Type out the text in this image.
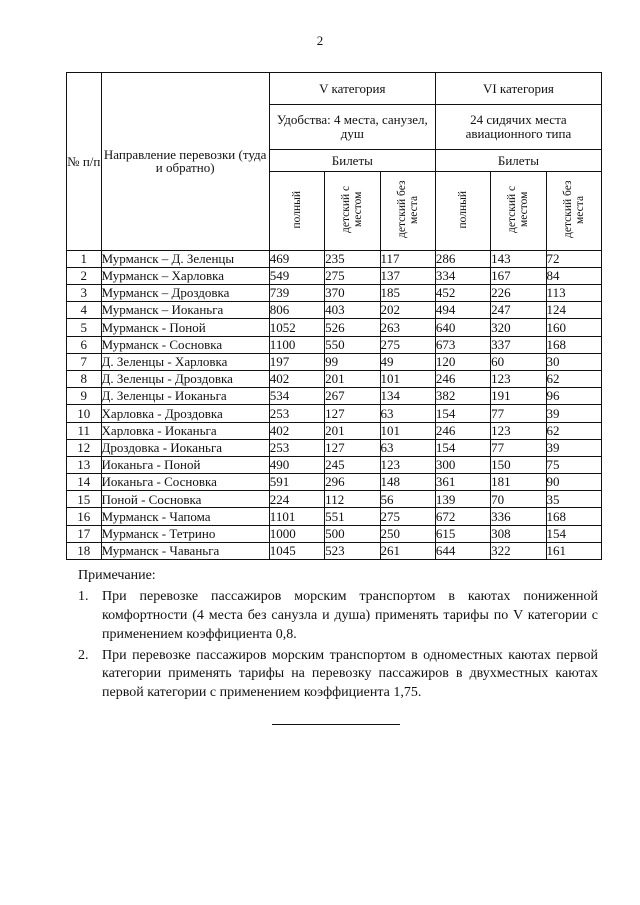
2
№ п/п	Направление перевозки (туда и обратно)	V категория			VI категория		
		Удобства: 4 места, санузел, душ			24 сидячих места авиационного типа		
		Билеты			Билеты		
		полный	детский с местом	детский без места	полный	детский с местом	детский без места
1	Мурманск – Д. Зеленцы	469	235	117	286	143	72
2	Мурманск – Харловка	549	275	137	334	167	84
3	Мурманск – Дроздовка	739	370	185	452	226	113
4	Мурманск – Иоканьга	806	403	202	494	247	124
5	Мурманск - Поной	1052	526	263	640	320	160
6	Мурманск - Сосновка	1100	550	275	673	337	168
7	Д. Зеленцы - Харловка	197	99	49	120	60	30
8	Д. Зеленцы - Дроздовка	402	201	101	246	123	62
9	Д. Зеленцы - Иоканьга	534	267	134	382	191	96
10	Харловка - Дроздовка	253	127	63	154	77	39
11	Харловка - Иоканьга	402	201	101	246	123	62
12	Дроздовка - Иоканьга	253	127	63	154	77	39
13	Иоканьга - Поной	490	245	123	300	150	75
14	Иоканьга - Сосновка	591	296	148	361	181	90
15	Поной - Сосновка	224	112	56	139	70	35
16	Мурманск - Чапома	1101	551	275	672	336	168
17	Мурманск - Тетрино	1000	500	250	615	308	154
18	Мурманск - Чаваньга	1045	523	261	644	322	161

Примечание:

1. При перевозке пассажиров морским транспортом в каютах пониженной комфортности (4 места без санузла и душа) применять тарифы по V категории с применением коэффициента 0,8.
2. При перевозке пассажиров морским транспортом в одноместных каютах первой категории применять тарифы на перевозку пассажиров в двухместных каютах первой категории с применением коэффициента 1,75.
